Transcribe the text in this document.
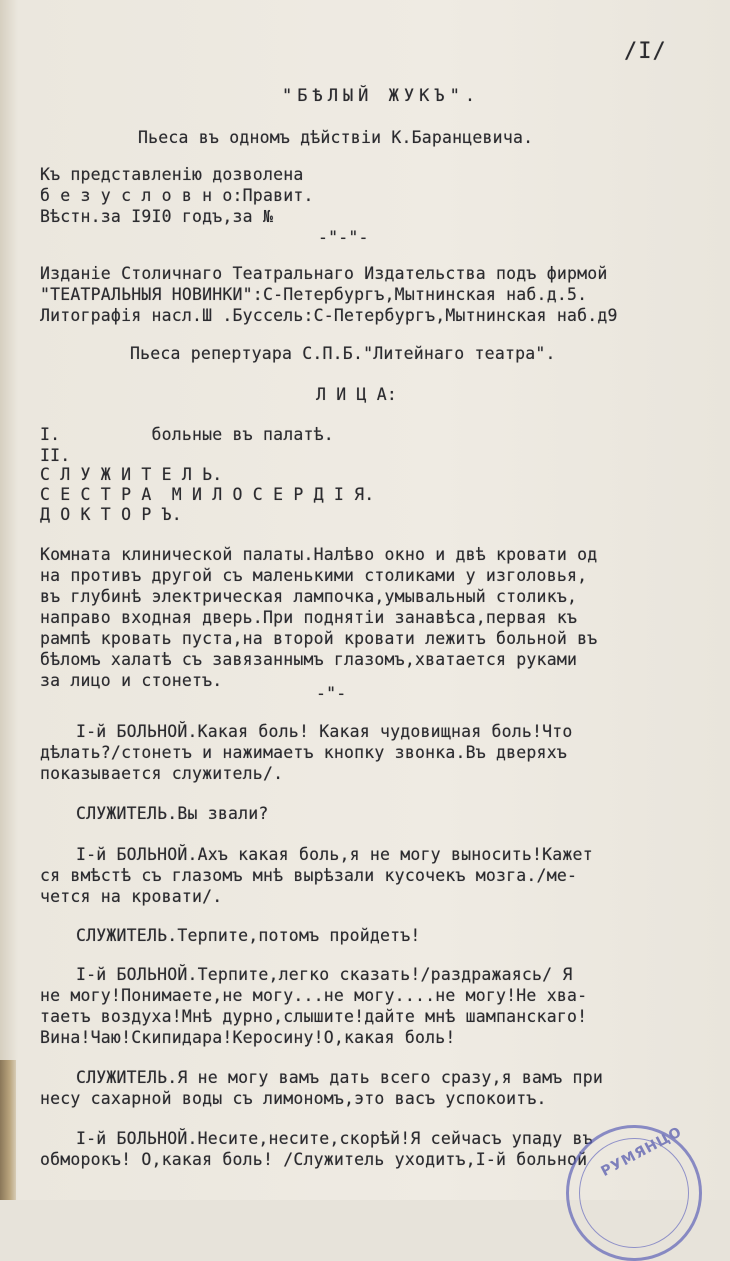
/I/
"БѢЛЫЙ ЖУКЪ".
Пьеса въ одномъ дѣйствiи К.Баранцевича.
Къ представленiю дозволена
б е з у с л о в н о:Правит.
Вѣстн.за I9I0 годъ,за №
-"-"-
Изданiе Столичнаго Театральнаго Издательства подъ фирмой
"ТЕАТРАЛЬНЫЯ НОВИНКИ":С-Петербургъ,Мытнинская наб.д.5.
Литографiя насл.Ш .Буссель:С-Петербургъ,Мытнинская наб.д9
Пьеса репертуара С.П.Б."Литейнаго театра".
Л И Ц А:
I.         больные въ палатѣ.
II.
С Л У Ж И Т Е Л Ь.
С Е С Т Р А  М И Л О С Е Р Д I Я.
Д О К Т О Р Ъ.
Комната клинической палаты.Налѣво окно и двѣ кровати од
на противъ другой съ маленькими столиками у изголовья,
въ глубинѣ электрическая лампочка,умывальный столикъ,
направо входная дверь.При поднятiи занавѣса,первая къ
рампѣ кровать пуста,на второй кровати лежитъ больной въ
бѣломъ халатѣ съ завязаннымъ глазомъ,хватается руками
за лицо и стонетъ.
-"-
I-й БОЛЬНОЙ.Какая боль! Какая чудовищная боль!Что
дѣлать?/стонетъ и нажимаетъ кнопку звонка.Въ дверяхъ
показывается служитель/.
СЛУЖИТЕЛЬ.Вы звали?
I-й БОЛЬНОЙ.Ахъ какая боль,я не могу выносить!Кажет
ся вмѣстѣ съ глазомъ мнѣ вырѣзали кусочекъ мозга./ме-
чется на кровати/.
СЛУЖИТЕЛЬ.Терпите,потомъ пройдетъ!
I-й БОЛЬНОЙ.Терпите,легко сказать!/раздражаясь/ Я
не могу!Понимаете,не могу...не могу....не могу!Не хва-
таетъ воздуха!Мнѣ дурно,слышите!дайте мнѣ шампанскаго!
Вина!Чаю!Скипидара!Керосину!О,какая боль!
СЛУЖИТЕЛЬ.Я не могу вамъ дать всего сразу,я вамъ при
несу сахарной воды съ лимономъ,это васъ успокоитъ.
I-й БОЛЬНОЙ.Несите,несите,скорѣй!Я сейчасъ упаду въ
обморокъ! О,какая боль! /Служитель уходитъ,I-й больной РУМЯНЦО
